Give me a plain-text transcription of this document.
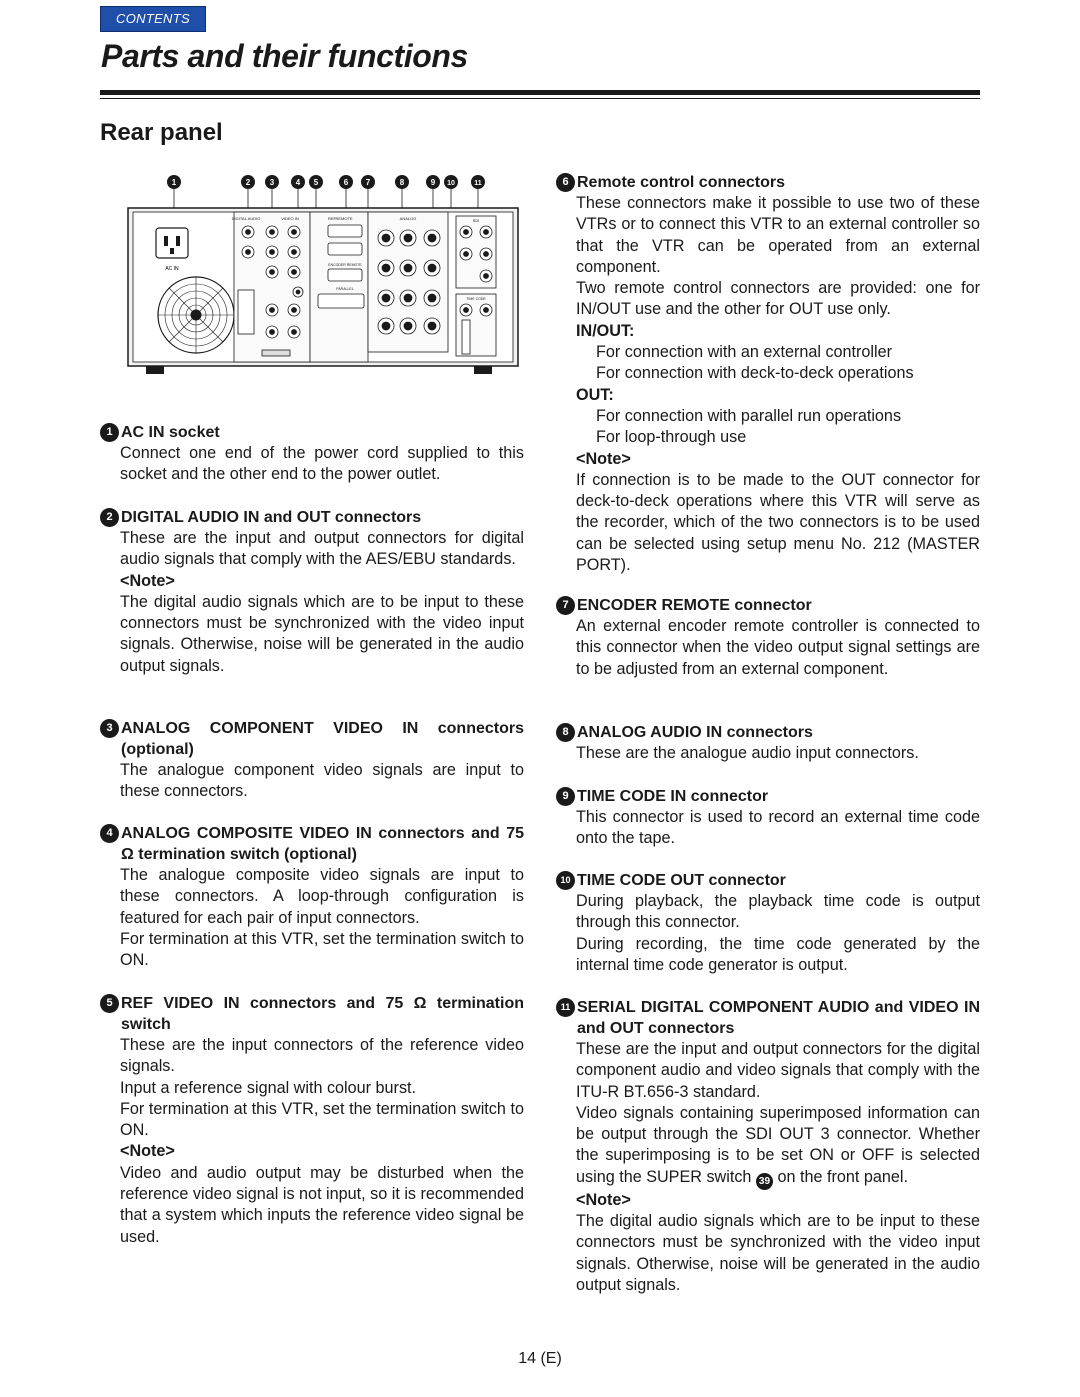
CONTENTS
Parts and their functions
Rear panel
1	2 3	4 5	6 7	8	9 10	11
AC IN
DIGITAL AUDIO	VIDEO IN	REF REMOTE
ENCODER REMOTE
PARALLEL
ANALOG	SDI
TIME CODE
1 AC IN socket

Connect one end of the power cord supplied to this socket and the other end to the power outlet.

2 DIGITAL AUDIO IN and OUT connectors

These are the input and output connectors for digital audio signals that comply with the AES/EBU standards.

<Note>

The digital audio signals which are to be input to these connectors must be synchronized with the video input signals. Otherwise, noise will be generated in the audio output signals.

3 ANALOG COMPONENT VIDEO IN connectors (optional)

The analogue component video signals are input to these connectors.

4 ANALOG COMPOSITE VIDEO IN connectors and 75 Ω termination switch (optional)

The analogue composite video signals are input to these connectors. A loop-through configuration is featured for each pair of input connectors.

For termination at this VTR, set the termination switch to ON.

5 REF VIDEO IN connectors and 75 Ω termination switch

These are the input connectors of the reference video signals.

Input a reference signal with colour burst.

For termination at this VTR, set the termination switch to ON.

<Note>

Video and audio output may be disturbed when the reference video signal is not input, so it is recommended that a system which inputs the reference video signal be used.

6 Remote control connectors

These connectors make it possible to use two of these VTRs or to connect this VTR to an external controller so that the VTR can be operated from an external component.

Two remote control connectors are provided: one for IN/OUT use and the other for OUT use only.

IN/OUT:

For connection with an external controller

For connection with deck-to-deck operations

OUT:

For connection with parallel run operations

For loop-through use

<Note>

If connection is to be made to the OUT connector for deck-to-deck operations where this VTR will serve as the recorder, which of the two connectors is to be used can be selected using setup menu No. 212 (MASTER PORT).

7 ENCODER REMOTE connector

An external encoder remote controller is connected to this connector when the video output signal settings are to be adjusted from an external component.

8 ANALOG AUDIO IN connectors

These are the analogue audio input connectors.

9 TIME CODE IN connector

This connector is used to record an external time code onto the tape.

10 TIME CODE OUT connector

During playback, the playback time code is output through this connector.

During recording, the time code generated by the internal time code generator is output.

11 SERIAL DIGITAL COMPONENT AUDIO and VIDEO IN and OUT connectors

These are the input and output connectors for the digital component audio and video signals that comply with the ITU-R BT.656-3 standard.

Video signals containing superimposed information can be output through the SDI OUT 3 connector. Whether the superimposing is to be set ON or OFF is selected using the SUPER switch 39 on the front panel.

<Note>

The digital audio signals which are to be input to these connectors must be synchronized with the video input signals. Otherwise, noise will be generated in the audio output signals.

14 (E)
